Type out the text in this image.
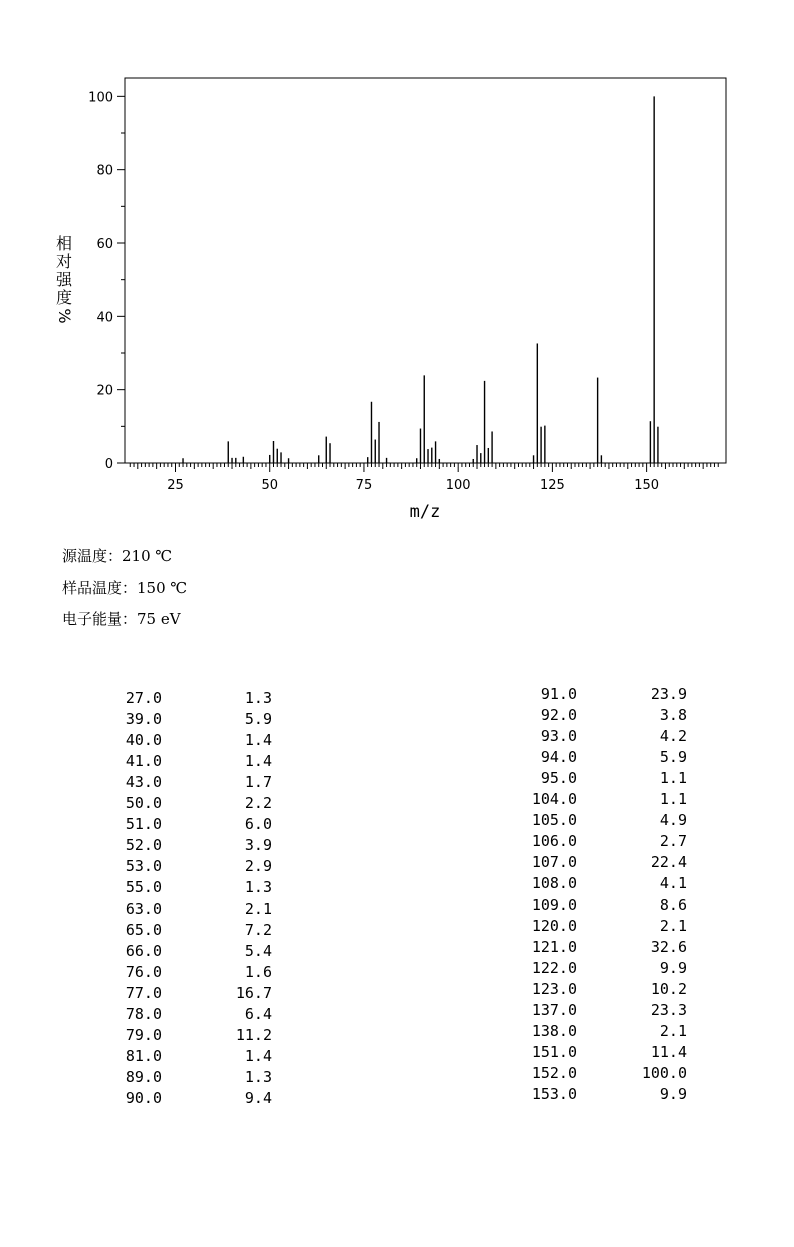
0
20
40
60
80
100
25	50	75	100	125	150
m/z
相
对
强
度
%
源温度：210 ℃
样品温度：150 ℃
电子能量：75 eV
27.0	1.3
39.0	5.9
40.0	1.4
41.0	1.4
43.0	1.7
50.0	2.2
51.0	6.0
52.0	3.9
53.0	2.9
55.0	1.3
63.0	2.1
65.0	7.2
66.0	5.4
76.0	1.6
77.0	16.7
78.0	6.4
79.0	11.2
81.0	1.4
89.0	1.3
90.0	9.4
91.0	23.9
92.0	3.8
93.0	4.2
94.0	5.9
95.0	1.1
104.0	1.1
105.0	4.9
106.0	2.7
107.0	22.4
108.0	4.1
109.0	8.6
120.0	2.1
121.0	32.6
122.0	9.9
123.0	10.2
137.0	23.3
138.0	2.1
151.0	11.4
152.0	100.0
153.0	9.9
